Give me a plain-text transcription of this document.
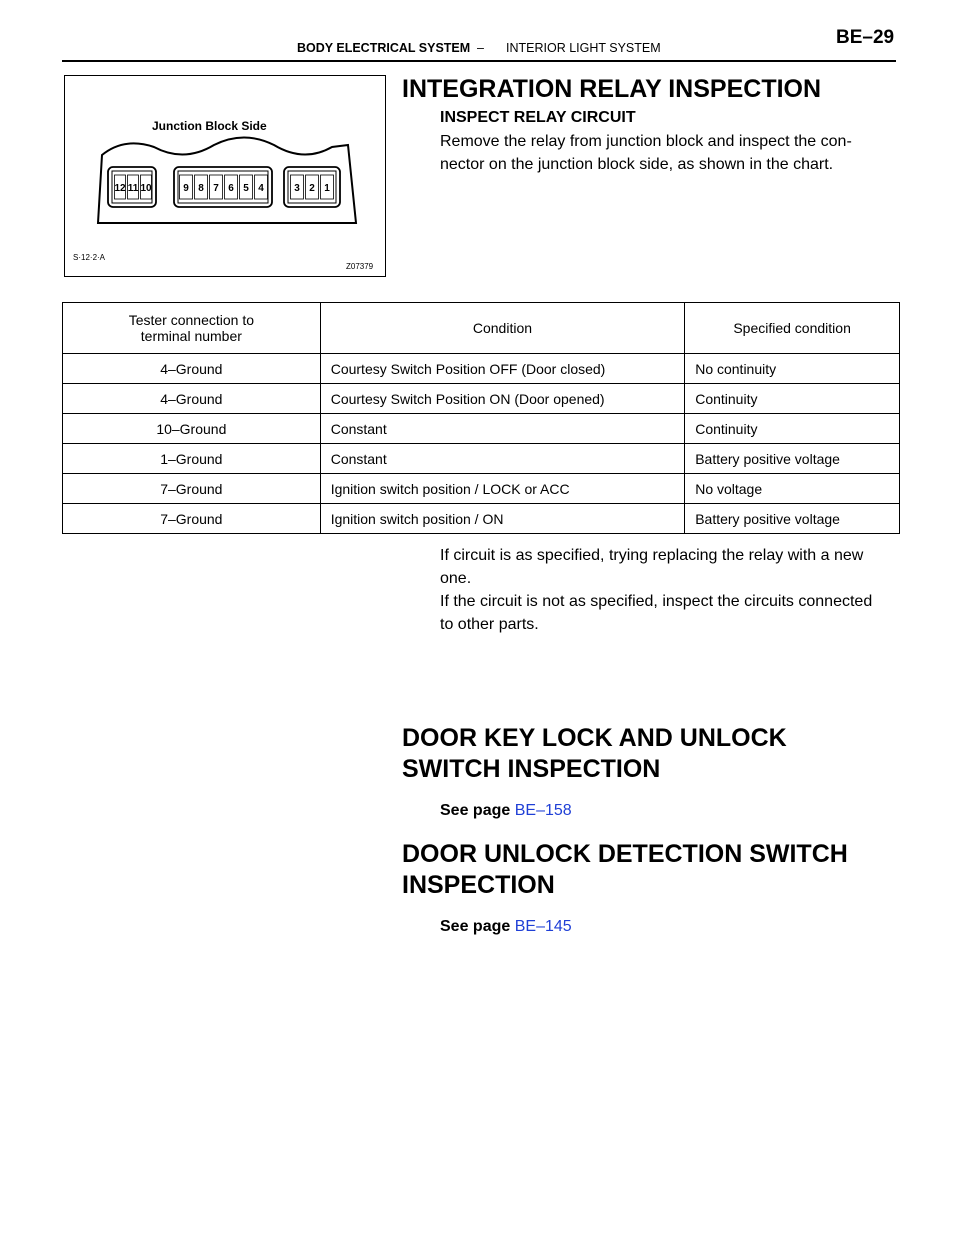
BODY ELECTRICAL SYSTEM – INTERIOR LIGHT SYSTEM	BE–29
12 11 10	9 8 7 6 5 4	3 2 1
Junction Block Side
S·12·2·A
Z07379
INTEGRATION RELAY INSPECTION
INSPECT RELAY CIRCUIT
Remove the relay from junction block and inspect the con-
nector on the junction block side, as shown in the chart.
Tester connection to
terminal number	Condition	Specified condition
4–Ground	Courtesy Switch Position OFF (Door closed)	No continuity
4–Ground	Courtesy Switch Position ON (Door opened)	Continuity
10–Ground	Constant	Continuity
1–Ground	Constant	Battery positive voltage
7–Ground	Ignition switch position / LOCK or ACC	No voltage
7–Ground	Ignition switch position / ON	Battery positive voltage
If circuit is as specified, trying replacing the relay with a new
one.
If the circuit is not as specified, inspect the circuits connected
to other parts.
DOOR KEY LOCK AND UNLOCK
SWITCH INSPECTION
See page BE–158
DOOR UNLOCK DETECTION SWITCH
INSPECTION
See page BE–145
